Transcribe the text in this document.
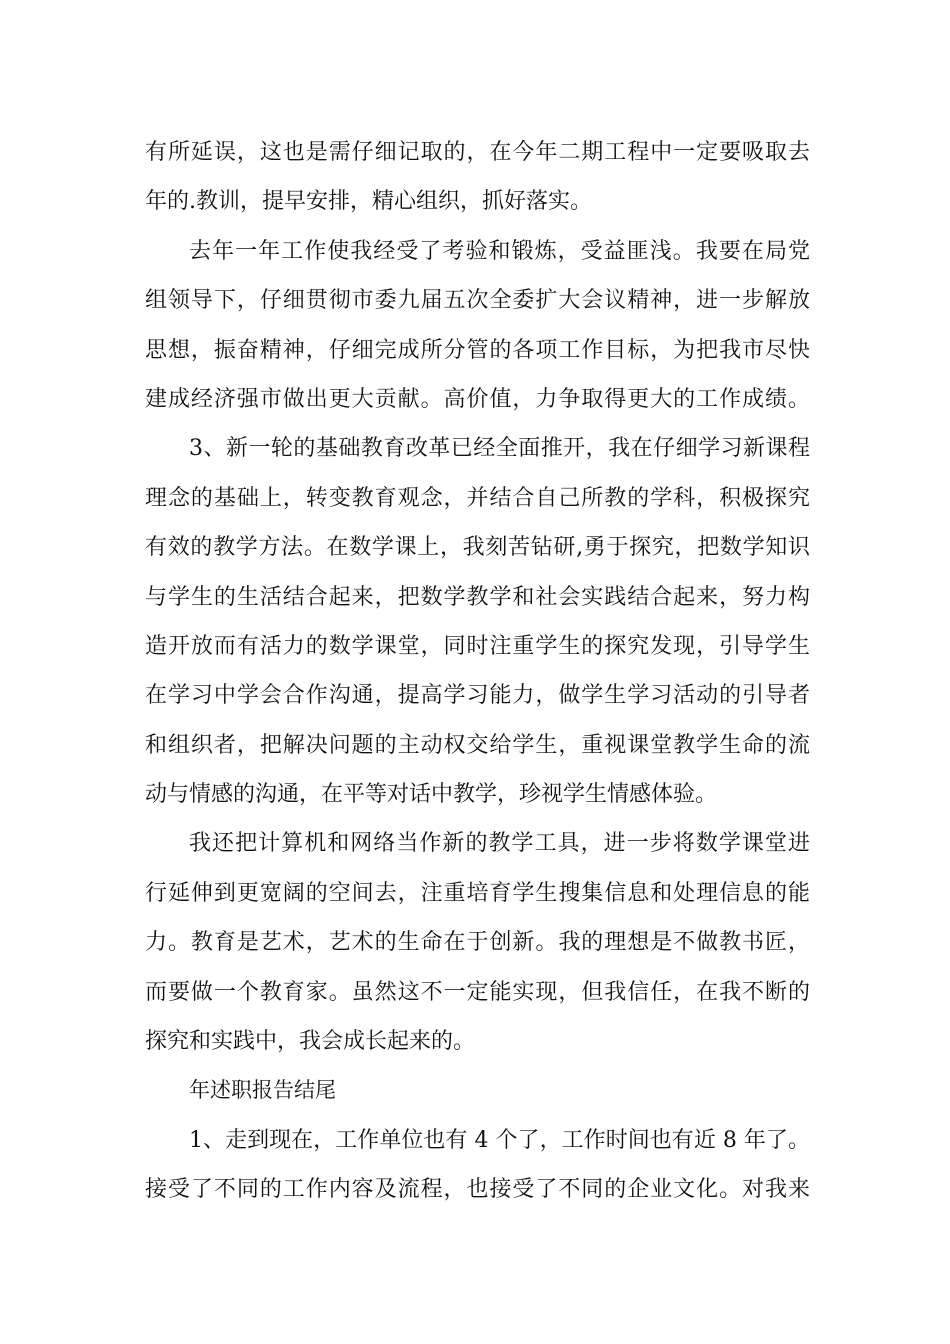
有所延误，这也是需仔细记取的，在今年二期工程中一定要吸取去
年的.教训，提早安排，精心组织，抓好落实。
去年一年工作使我经受了考验和锻炼，受益匪浅。我要在局党
组领导下，仔细贯彻市委九届五次全委扩大会议精神，进一步解放
思想，振奋精神，仔细完成所分管的各项工作目标，为把我市尽快
建成经济强市做出更大贡献。高价值，力争取得更大的工作成绩。
3、新一轮的基础教育改革已经全面推开，我在仔细学习新课程
理念的基础上，转变教育观念，并结合自己所教的学科，积极探究
有效的教学方法。在数学课上，我刻苦钻研,勇于探究，把数学知识
与学生的生活结合起来，把数学教学和社会实践结合起来，努力构
造开放而有活力的数学课堂，同时注重学生的探究发现，引导学生
在学习中学会合作沟通，提高学习能力，做学生学习活动的引导者
和组织者，把解决问题的主动权交给学生，重视课堂教学生命的流
动与情感的沟通，在平等对话中教学，珍视学生情感体验。
我还把计算机和网络当作新的教学工具，进一步将数学课堂进
行延伸到更宽阔的空间去，注重培育学生搜集信息和处理信息的能
力。教育是艺术，艺术的生命在于创新。我的理想是不做教书匠，
而要做一个教育家。虽然这不一定能实现，但我信任，在我不断的
探究和实践中，我会成长起来的。
年述职报告结尾
1、走到现在，工作单位也有 4 个了，工作时间也有近 8 年了。
接受了不同的工作内容及流程，也接受了不同的企业文化。对我来
